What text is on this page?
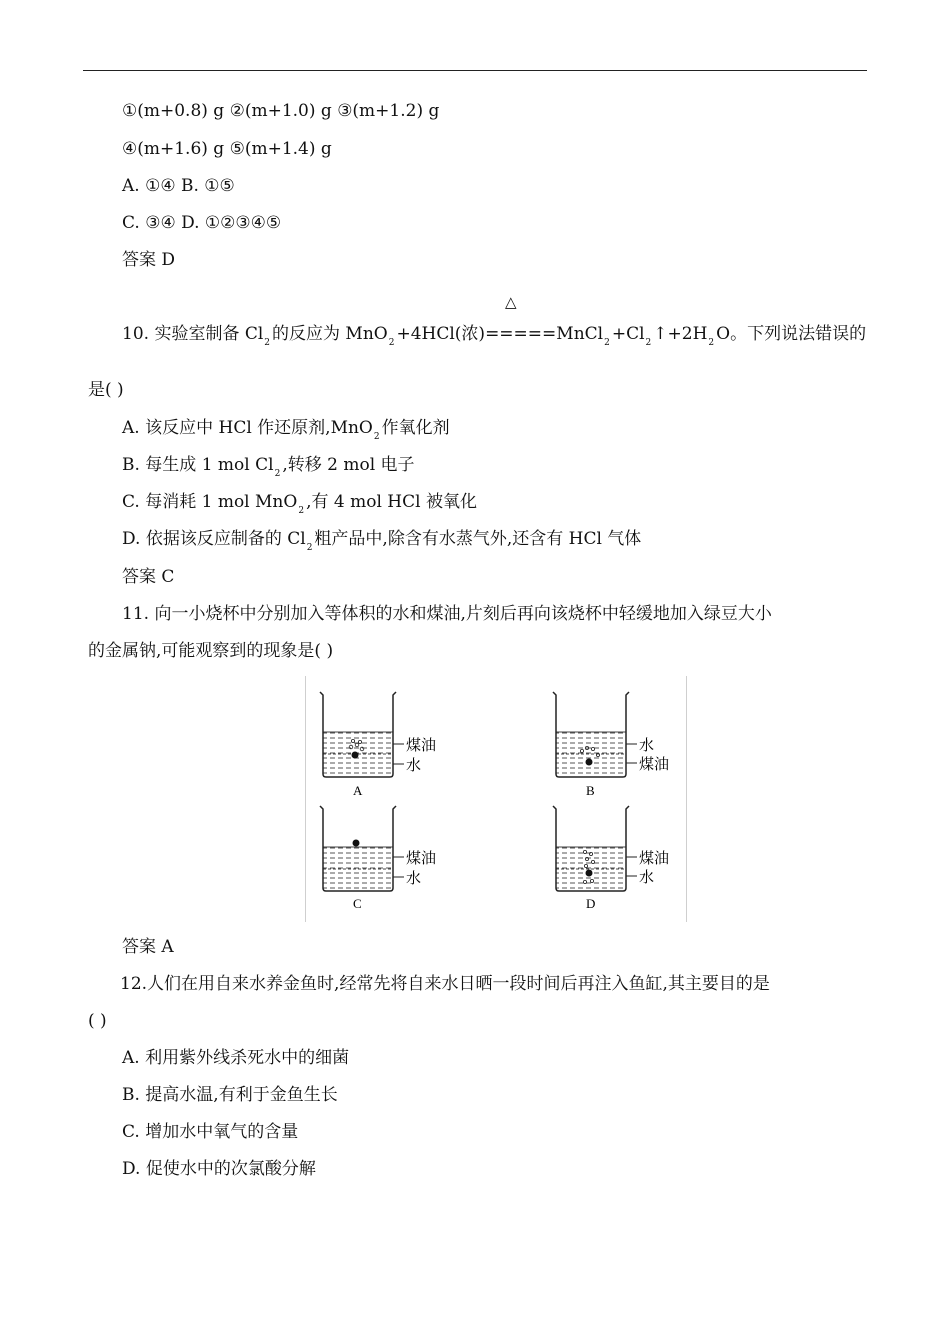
①(m+0.8) g ②(m+1.0) g ③(m+1.2) g
④(m+1.6) g ⑤(m+1.4) g
A. ①④ B. ①⑤
C. ③④ D. ①②③④⑤
答案 D
△
10. 实验室制备 $Cl_2$ 的反应为 MnO$_2$ +4HCl(浓)=====MnCl$_2$ $+Cl_2$ $↑+2H_2$ O。下列说法错误的
是( )
A. 该反应中 HCl 作还原剂,MnO$_2$ 作氧化剂
B. 每生成 1 mol $Cl_2$ ,转移 2 mol 电子
C. 每消耗 1 mol MnO$_2$ ,有 4 mol HCl 被氧化
D. 依据该反应制备的 $Cl_2$ 粗产品中,除含有水蒸气外,还含有 HCl 气体
答案 C
11. 向一小烧杯中分别加入等体积的水和煤油,片刻后再向该烧杯中轻缓地加入绿豆大小
的金属钠,可能观察到的现象是( )
煤油
水
A
水
煤油
B
煤油
水
C
煤油
水
D
答案 A
12.人们在用自来水养金鱼时,经常先将自来水日晒一段时间后再注入鱼缸,其主要目的是
( )
A. 利用紫外线杀死水中的细菌
B. 提高水温,有利于金鱼生长
C. 增加水中氧气的含量
D. 促使水中的次氯酸分解
